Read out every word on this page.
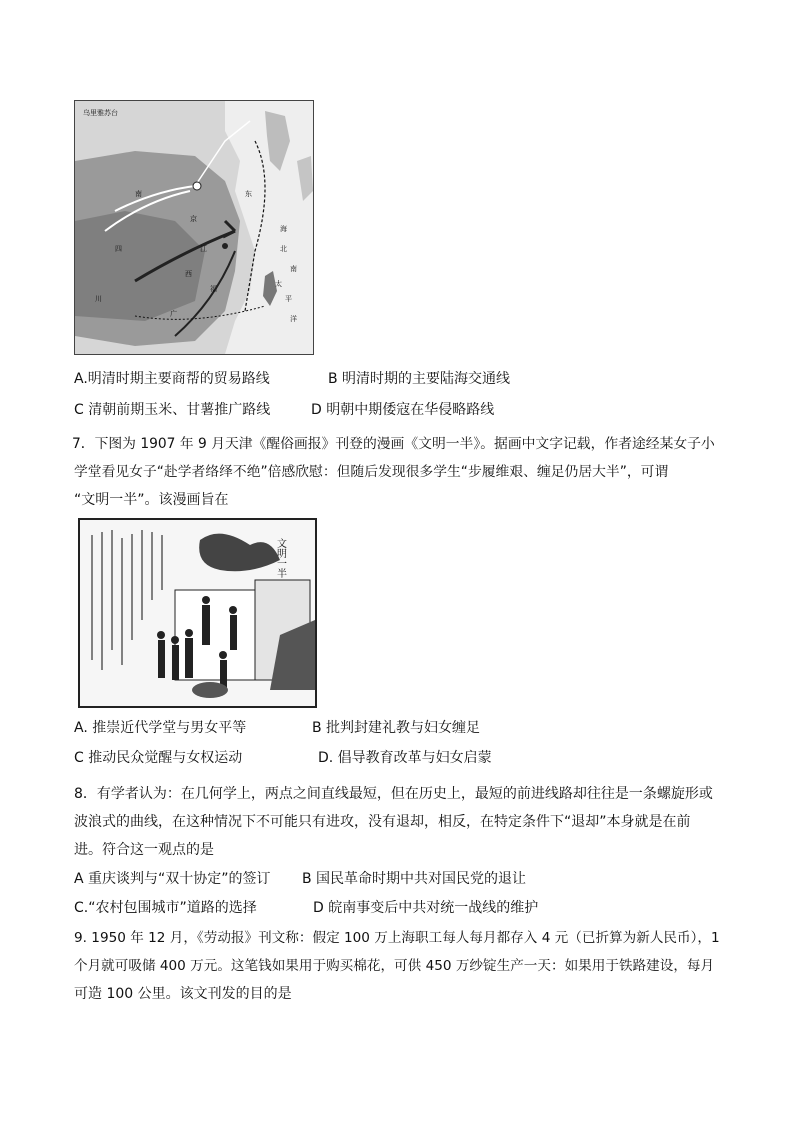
乌里雅苏台
南
京
福
广
江
西
四
川
东
海
北
南
太
平
洋
A.明清时期主要商帮的贸易路线	B 明清时期的主要陆海交通线
C 清朝前期玉米、甘薯推广路线	D 明朝中期倭寇在华侵略路线
7．下图为 1907 年 9 月天津《醒俗画报》刊登的漫画《文明一半》。据画中文字记载，作者途经某女子小
学堂看见女子“赴学者络绎不绝”倍感欣慰：但随后发现很多学生“步履维艰、缠足仍居大半”，可谓
“文明一半”。该漫画旨在
文明一半
A. 推崇近代学堂与男女平等	B 批判封建礼教与妇女缠足
C 推动民众觉醒与女权运动	D. 倡导教育改革与妇女启蒙
8．有学者认为：在几何学上，两点之间直线最短，但在历史上，最短的前进线路却往往是一条螺旋形或
波浪式的曲线，在这种情况下不可能只有进攻，没有退却，相反，在特定条件下“退却”本身就是在前
进。符合这一观点的是
A 重庆谈判与“双十协定”的签订 B 国民革命时期中共对国民党的退让
C.“农村包围城市”道路的选择	D 皖南事变后中共对统一战线的维护
9. 1950 年 12 月，《劳动报》刊文称：假定 100 万上海职工每人每月都存入 4 元（已折算为新人民币），1
个月就可吸储 400 万元。这笔钱如果用于购买棉花，可供 450 万纱锭生产一天：如果用于铁路建设，每月
可造 100 公里。该文刊发的目的是
